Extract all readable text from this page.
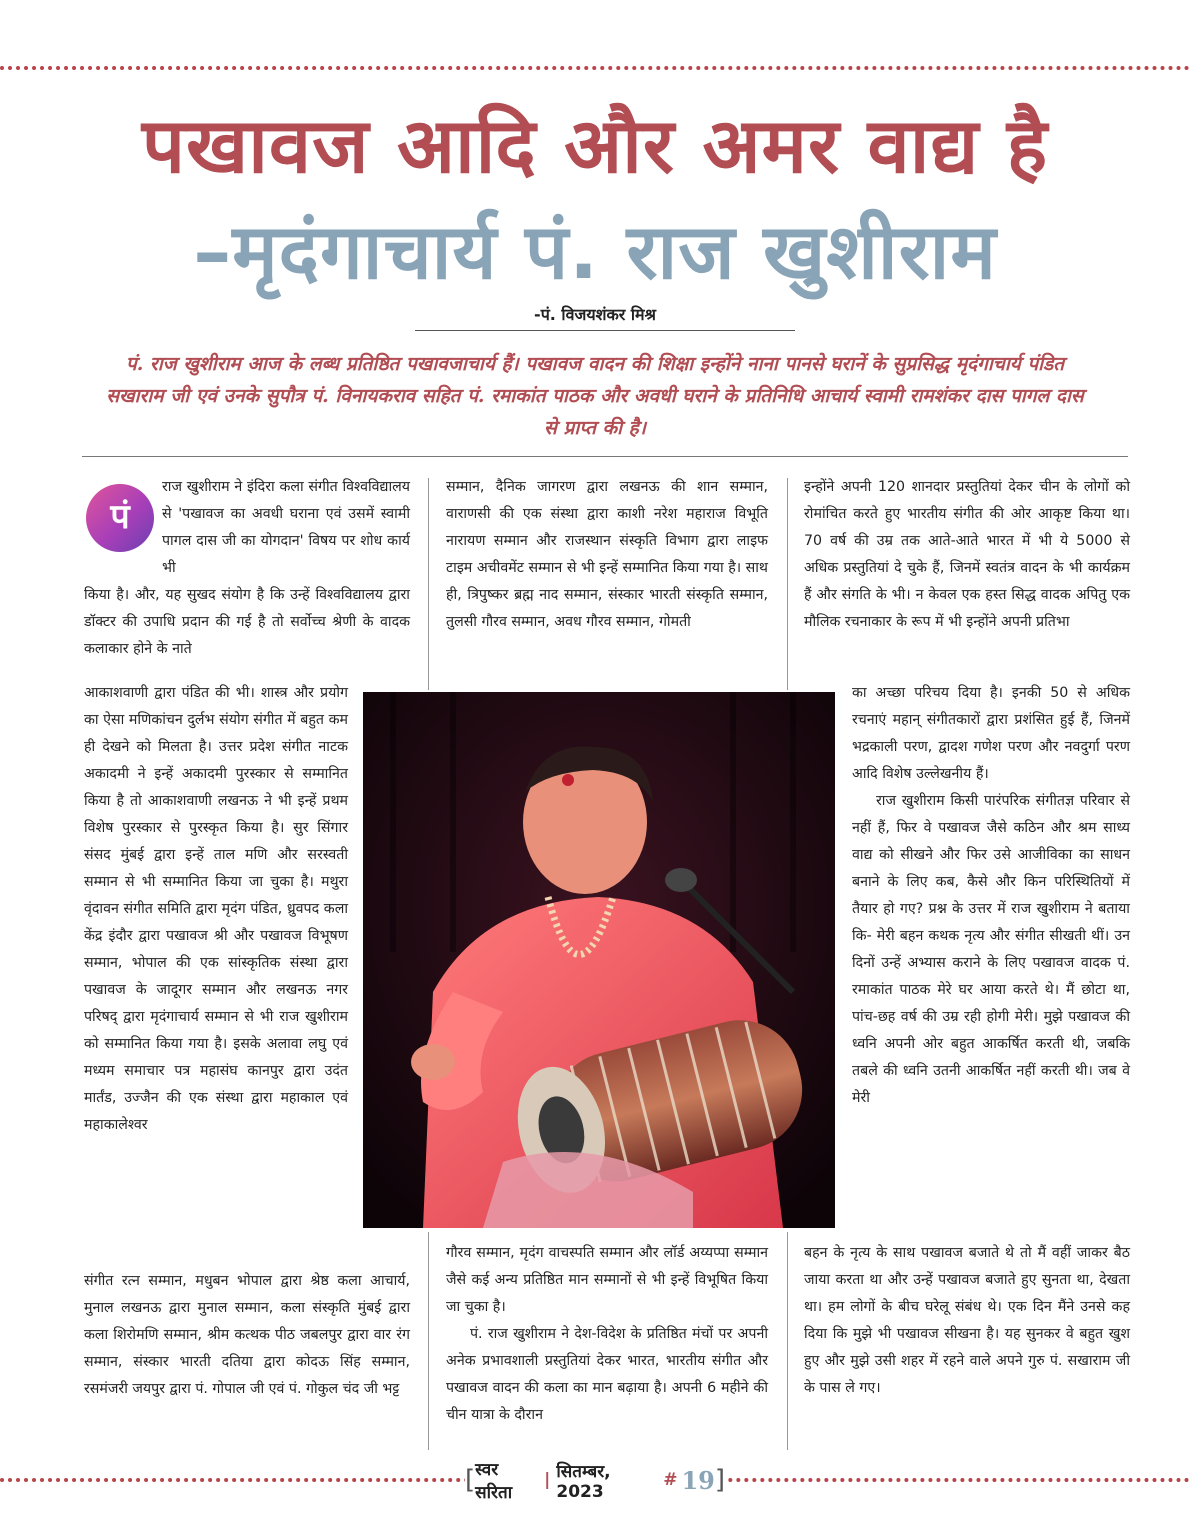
पखावज आदि और अमर वाद्य है
–मृदंगाचार्य पं. राज खुशीराम
-पं. विजयशंकर मिश्र
पं. राज खुशीराम आज के लब्ध प्रतिष्ठित पखावजाचार्य हैं। पखावज वादन की शिक्षा इन्होंने नाना पानसे घरानें के सुप्रसिद्ध मृदंगाचार्य पंडित सखाराम जी एवं उनके सुपौत्र पं. विनायकराव सहित पं. रमाकांत पाठक और अवधी घराने के प्रतिनिधि आचार्य स्वामी रामशंकर दास पागल दास से प्राप्त की है।
पं
राज खुशीराम ने इंदिरा कला संगीत विश्वविद्यालय से 'पखावज का अवधी घराना एवं उसमें स्वामी पागल दास जी का योगदान' विषय पर शोध कार्य भी
किया है। और, यह सुखद संयोग है कि उन्हें विश्वविद्यालय द्वारा डॉक्टर की उपाधि प्रदान की गई है तो सर्वोच्च श्रेणी के वादक कलाकार होने के नाते
आकाशवाणी द्वारा पंडित की भी। शास्त्र और प्रयोग का ऐसा मणिकांचन दुर्लभ संयोग संगीत में बहुत कम ही देखने को मिलता है। उत्तर प्रदेश संगीत नाटक अकादमी ने इन्हें अकादमी पुरस्कार से सम्मानित किया है तो आकाशवाणी लखनऊ ने भी इन्हें प्रथम विशेष पुरस्कार से पुरस्कृत किया है। सुर सिंगार संसद मुंबई द्वारा इन्हें ताल मणि और सरस्वती सम्मान से भी सम्मानित किया जा चुका है। मथुरा वृंदावन संगीत समिति द्वारा मृदंग पंडित, ध्रुवपद कला केंद्र इंदौर द्वारा पखावज श्री और पखावज विभूषण सम्मान, भोपाल की एक सांस्कृतिक संस्था द्वारा पखावज के जादूगर सम्मान और लखनऊ नगर परिषद् द्वारा मृदंगाचार्य सम्मान से भी राज खुशीराम को सम्मानित किया गया है। इसके अलावा लघु एवं मध्यम समाचार पत्र महासंघ कानपुर द्वारा उदंत मार्तंड, उज्जैन की एक संस्था द्वारा महाकाल एवं महाकालेश्वर
संगीत रत्न सम्मान, मधुबन भोपाल द्वारा श्रेष्ठ कला आचार्य, मुनाल लखनऊ द्वारा मुनाल सम्मान, कला संस्कृति मुंबई द्वारा कला शिरोमणि सम्मान, श्रीम कत्थक पीठ जबलपुर द्वारा वार रंग सम्मान, संस्कार भारती दतिया द्वारा कोदऊ सिंह सम्मान, रसमंजरी जयपुर द्वारा पं. गोपाल जी एवं पं. गोकुल चंद जी भट्ट
सम्मान, दैनिक जागरण द्वारा लखनऊ की शान सम्मान, वाराणसी की एक संस्था द्वारा काशी नरेश महाराज विभूति नारायण सम्मान और राजस्थान संस्कृति विभाग द्वारा लाइफ टाइम अचीवमेंट सम्मान से भी इन्हें सम्मानित किया गया है। साथ ही, त्रिपुष्कर ब्रह्म नाद सम्मान, संस्कार भारती संस्कृति सम्मान, तुलसी गौरव सम्मान, अवध गौरव सम्मान, गोमती

गौरव सम्मान, मृदंग वाचस्पति सम्मान और लॉर्ड अय्यप्पा सम्मान जैसे कई अन्य प्रतिष्ठित मान सम्मानों से भी इन्हें विभूषित किया जा चुका है।

पं. राज खुशीराम ने देश-विदेश के प्रतिष्ठित मंचों पर अपनी अनेक प्रभावशाली प्रस्तुतियां देकर भारत, भारतीय संगीत और पखावज वादन की कला का मान बढ़ाया है। अपनी 6 महीने की चीन यात्रा के दौरान

इन्होंने अपनी 120 शानदार प्रस्तुतियां देकर चीन के लोगों को रोमांचित करते हुए भारतीय संगीत की ओर आकृष्ट किया था। 70 वर्ष की उम्र तक आते-आते भारत में भी ये 5000 से अधिक प्रस्तुतियां दे चुके हैं, जिनमें स्वतंत्र वादन के भी कार्यक्रम हैं और संगति के भी। न केवल एक हस्त सिद्ध वादक अपितु एक मौलिक रचनाकार के रूप में भी इन्होंने अपनी प्रतिभा

का अच्छा परिचय दिया है। इनकी 50 से अधिक रचनाएं महान् संगीतकारों द्वारा प्रशंसित हुई हैं, जिनमें भद्रकाली परण, द्वादश गणेश परण और नवदुर्गा परण आदि विशेष उल्लेखनीय हैं।

राज खुशीराम किसी पारंपरिक संगीतज्ञ परिवार से नहीं हैं, फिर वे पखावज जैसे कठिन और श्रम साध्य वाद्य को सीखने और फिर उसे आजीविका का साधन बनाने के लिए कब, कैसे और किन परिस्थितियों में तैयार हो गए? प्रश्न के उत्तर में राज खुशीराम ने बताया कि- मेरी बहन कथक नृत्य और संगीत सीखती थीं। उन दिनों उन्हें अभ्यास कराने के लिए पखावज वादक पं. रमाकांत पाठक मेरे घर आया करते थे। मैं छोटा था, पांच-छह वर्ष की उम्र रही होगी मेरी। मुझे पखावज की ध्वनि अपनी ओर बहुत आकर्षित करती थी, जबकि तबले की ध्वनि उतनी आकर्षित नहीं करती थी। जब वे मेरी

बहन के नृत्य के साथ पखावज बजाते थे तो मैं वहीं जाकर बैठ जाया करता था और उन्हें पखावज बजाते हुए सुनता था, देखता था। हम लोगों के बीच घरेलू संबंध थे। एक दिन मैंने उनसे कह दिया कि मुझे भी पखावज सीखना है। यह सुनकर वे बहुत खुश हुए और मुझे उसी शहर में रहने वाले अपने गुरु पं. सखाराम जी के पास ले गए।
[ स्वर सरिता
| सितम्बर, 2023
# 19 ]
